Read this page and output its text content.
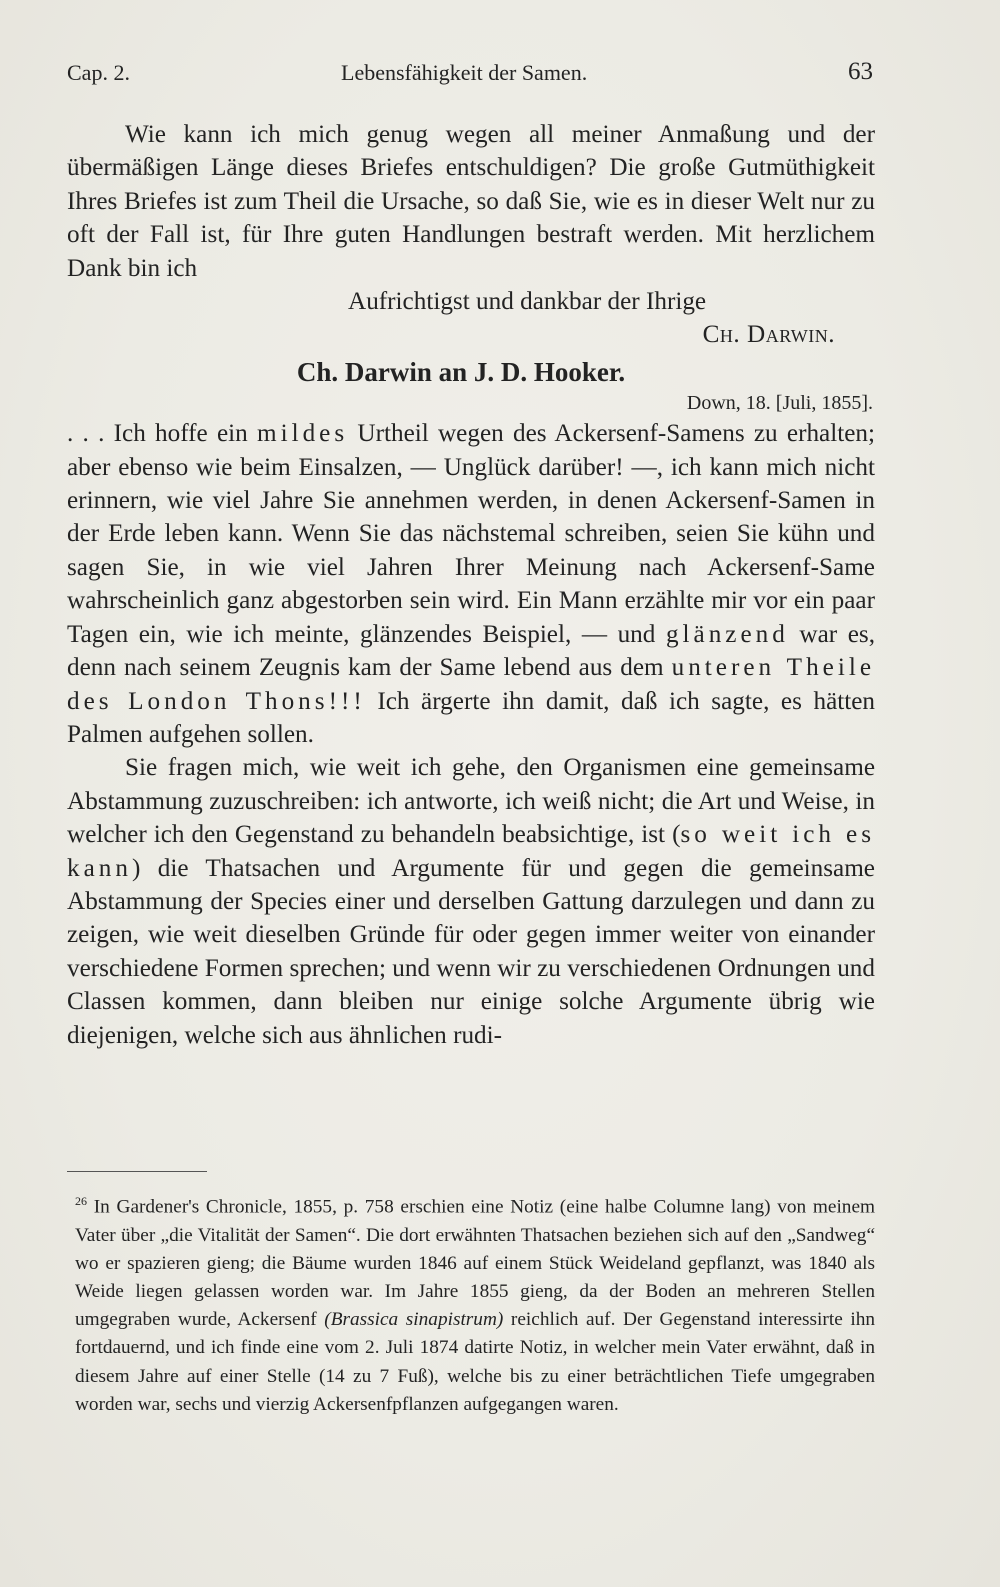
Cap. 2.	Lebensfähigkeit der Samen.	63

Wie kann ich mich genug wegen all meiner Anmaßung und der übermäßigen Länge dieses Briefes entschuldigen? Die große Gutmüthigkeit Ihres Briefes ist zum Theil die Ursache, so daß Sie, wie es in dieser Welt nur zu oft der Fall ist, für Ihre guten Handlungen bestraft werden. Mit herzlichem Dank bin ich

Aufrichtigst und dankbar der Ihrige

Ch. Darwin.

Ch. Darwin an J. D. Hooker.

Down, 18. [Juli, 1855].

. . . Ich hoffe ein mildes Urtheil wegen des Ackersenf-Samens zu erhalten; aber ebenso wie beim Einsalzen, — Unglück darüber! —, ich kann mich nicht erinnern, wie viel Jahre Sie annehmen werden, in denen Ackersenf-Samen in der Erde leben kann. Wenn Sie das nächstemal schreiben, seien Sie kühn und sagen Sie, in wie viel Jahren Ihrer Meinung nach Ackersenf-Same wahrscheinlich ganz abgestorben sein wird. Ein Mann erzählte mir vor ein paar Tagen ein, wie ich meinte, glänzendes Beispiel, — und glänzend war es, denn nach seinem Zeugnis kam der Same lebend aus dem unteren Theile des London Thons!!! Ich ärgerte ihn damit, daß ich sagte, es hätten Palmen aufgehen sollen.

Sie fragen mich, wie weit ich gehe, den Organismen eine gemeinsame Abstammung zuzuschreiben: ich antworte, ich weiß nicht; die Art und Weise, in welcher ich den Gegenstand zu behandeln beabsichtige, ist (so weit ich es kann) die Thatsachen und Argumente für und gegen die gemeinsame Abstammung der Species einer und derselben Gattung darzulegen und dann zu zeigen, wie weit dieselben Gründe für oder gegen immer weiter von einander verschiedene Formen sprechen; und wenn wir zu verschiedenen Ordnungen und Classen kommen, dann bleiben nur einige solche Argumente übrig wie diejenigen, welche sich aus ähnlichen rudi-

$^{26}$ In Gardener's Chronicle, 1855, p. 758 erschien eine Notiz (eine halbe Columne lang) von meinem Vater über „die Vitalität der Samen“. Die dort erwähnten Thatsachen beziehen sich auf den „Sandweg“ wo er spazieren gieng; die Bäume wurden 1846 auf einem Stück Weideland gepflanzt, was 1840 als Weide liegen gelassen worden war. Im Jahre 1855 gieng, da der Boden an mehreren Stellen umgegraben wurde, Ackersenf (Brassica sinapistrum) reichlich auf. Der Gegenstand interessirte ihn fortdauernd, und ich finde eine vom 2. Juli 1874 datirte Notiz, in welcher mein Vater erwähnt, daß in diesem Jahre auf einer Stelle (14 zu 7 Fuß), welche bis zu einer beträchtlichen Tiefe umgegraben worden war, sechs und vierzig Ackersenfpflanzen aufgegangen waren.
